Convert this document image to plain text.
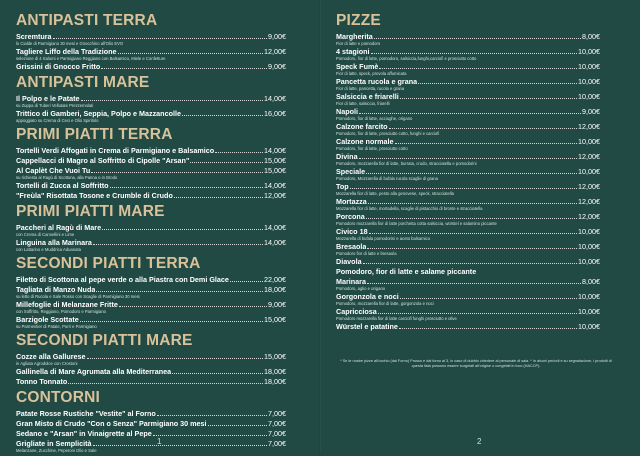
ANTIPASTI TERRA
Scremtura	9,00€
lo Cialde di Parmigiano 30 mesi e Gnocchino all'Olio EVO
Tagliere Liffo della Tradizione	12,00€
selezione di 4 Salumi e Parmigiano Reggiano con Balsamico, Miele e Confetture
Grissini di Gnocco Fritto	9,00€
ANTIPASTI MARE
Il Polpo e le Patate	14,00€
su Zuppa di Tuberi Vellutate Prezzemolati
Trittico di Gamberi, Seppia, Polpo e Mazzancolle	16,00€
appoggiato su Crema di Ceci e Olio Spiritolo
PRIMI PIATTI TERRA
Tortelli Verdi Affogati in Crema di Parmigiano e Balsamico	14,00€
Cappellacci di Magro al Soffritto di Cipolle "Arsan"	15,00€
Al Caplèt Che Vuoi Tu	15,00€
su richiesta al Ragù di Scottona, alla Panna o in Brodo
Tortelli di Zucca al Soffritto	14,00€
"Freùla" Risottata Tosone e Crumble di Crudo	12,00€
PRIMI PIATTI MARE
Paccheri al Ragù di Mare	14,00€
con Crema di Cannellini e Lime
Linguina alla Marinara	14,00€
con Lattarino e Muddrica Aduanata
SECONDI PIATTI TERRA
Filetto di Scottona al pepe verde o alla Piastra con Demi Glace	22,00€
Tagliata di Manzo Nuda	18,00€
su letto di Rucola e Sale Rosso con Scaglie di Parmigiano 30 mesi
Millefoglie di Melanzane Fritte	9,00€
con Soffritto, Reggiano, Pomodoro e Parmigiano
Barzigole Scottate	15,00€
su Parmentier di Patate, Porri e Parmigiano
SECONDI PIATTI MARE
Cozze alla Gallurese	15,00€
in Agliata Agrodolce con Crostoni
Gallinella di Mare Agrumata alla Mediterranea	18,00€
Tonno Tonnato	18,00€
CONTORNI
Patate Rosse Rustiche "Vestite" al Forno	7,00€
Gran Misto di Crudo "Con o Senza" Parmigiano 30 mesi	7,00€
Sedano e "Arsan" in Vinaigrette al Pepe	7,00€
Grigliate in Semplicità	7,00€
Melanzane, Zucchine, Peperoni Olio e Sale
PIZZE
Margherita	8,00€
Fior di latte e pomodoro
4 stagioni	10,00€
Pomodoro, fior di latte, pomodoro, salsiccia,funghi,carciofi e prosciutto cotto
Speck Fumè	10,00€
Fior di latte, speck, provola affumicata
Pancetta rucola e grana	10,00€
Fior di latte, pancetta, rucola e grana
Salsiccia e friarelli	10,00€
Fior di latte, salsiccia, friarelli
Napoli	9,00€
Pomodoro, fior di latte, acciughe, origano
Calzone farcito	12,00€
Pomodoro, fior di latte, prosciutto cotto, funghi e carciofi
Calzone normale	10,00€
Pomodoro, fior di latte, prosciutto cotto
Divina	12,00€
Pomodoro, mozzarella fior di latte, burrata, crudo, stracciatella e pomodorini
Speciale	10,00€
Pomodoro, Mozzarella di bufala rucola scaglie di grana
Top	12,00€
Mozzarella fior di latte, pesto alla genovese, speck, stracciatella
Mortazza	12,00€
Mozzarella fior di latte, mortadella, scaglie di pistacchio di bronte e stracciatella
Porcona	12,00€
Pomodoro mozzarella fior di latte porchetta cotta salsiccia, würstel e salamino piccante
Civico 18	10,00€
Mozzarella di bufala pomodorini e aceto balsamico
Bresaola	10,00€
Pomodoro fior di latte e bresaola
Diavola	10,00€
Pomodoro, fior di latte e salame piccante
Marinara	8,00€
Pomodoro, aglio e origano
Gorgonzola e noci	10,00€
Pomodoro, mozzarella fior di latte, gorgonzola e noci
Capricciosa	10,00€
Pomodoro mozzarella fior di latte carciofi funghi prosciutto e olive
Würstel e patatine	10,00€
* Se le nostre pizze all'occhio (dal Forno) Prusso e dal forno ai 3, in caso di dubbio chiedere al personale di sala. * In alcuni periodi e su segnalazione, i prodotti di questa lista possono essere surgelati all'origine o congelati in loco (HACCP).
1	2
